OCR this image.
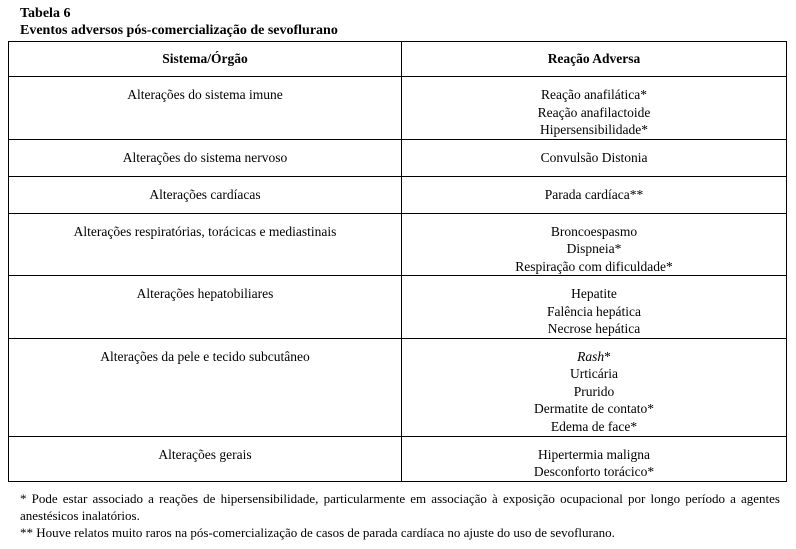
Tabela 6
Eventos adversos pós-comercialização de sevoflurano
Sistema/Órgão	Reação Adversa
Alterações do sistema imune	Reação anafilática*
Reação anafilactoide
Hipersensibilidade*

Alterações do sistema nervoso	Convulsão Distonia

Alterações cardíacas	Parada cardíaca**

Alterações respiratórias, torácicas e mediastinais	Broncoespasmo
Dispneia*
Respiração com dificuldade*

Alterações hepatobiliares	Hepatite
Falência hepática
Necrose hepática

Alterações da pele e tecido subcutâneo	Rash*
Urticária
Prurido
Dermatite de contato*
Edema de face*

Alterações gerais	Hipertermia maligna
Desconforto torácico*

* Pode estar associado a reações de hipersensibilidade, particularmente em associação à exposição ocupacional por longo período a agentes anestésicos inalatórios.

** Houve relatos muito raros na pós-comercialização de casos de parada cardíaca no ajuste do uso de sevoflurano.
